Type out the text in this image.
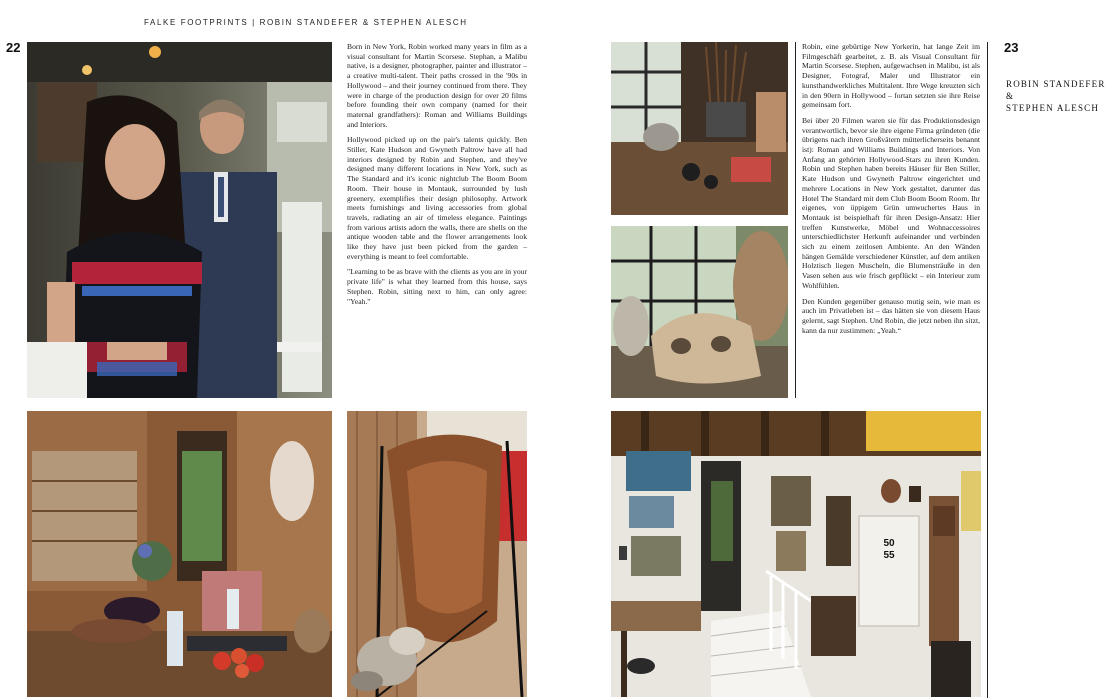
FALKE FOOTPRINTS | ROBIN STANDEFER & STEPHEN ALESCH
22	23
ROBIN STANDEFER &
STEPHEN ALESCH

Born in New York, Robin worked many years in film as a visual consultant for Martin Scorsese. Stephan, a Malibu native, is a designer, photographer, painter and illustrator – a creative multi-talent. Their paths crossed in the '90s in Hollywood – and their journey continued from there. They were in charge of the production design for over 20 films before founding their own company (named for their maternal grandfathers): Roman and Williams Buildings and Interiors.

Hollywood picked up on the pair's talents quickly. Ben Stiller, Kate Hudson and Gwyneth Paltrow have all had interiors designed by Robin and Stephen, and they've designed many different locations in New York, such as The Standard and it's iconic nightclub The Boom Boom Room. Their house in Montauk, surrounded by lush greenery, exemplifies their design philosophy. Artwork meets furnishings and living accessories from global travels, radiating an air of timeless elegance. Paintings from various artists adorn the walls, there are shells on the antique wooden table and the flower arrangements look like they have just been picked from the garden – everything is meant to feel comfortable.

"Learning to be as brave with the clients as you are in your private life" is what they learned from this house, says Stephen. Robin, sitting next to him, can only agree: "Yeah."

Robin, eine gebürtige New Yorkerin, hat lange Zeit im Filmgeschäft gearbeitet, z. B. als Visual Consultant für Martin Scorsese. Stephen, aufgewachsen in Malibu, ist als Designer, Fotograf, Maler und Illustrator ein kunsthandwerkliches Multitalent. Ihre Wege kreuzten sich in den 90ern in Hollywood – fortan setzten sie ihre Reise gemeinsam fort.

Bei über 20 Filmen waren sie für das Produktionsdesign verantwortlich, bevor sie ihre eigene Firma gründeten (die übrigens nach ihren Großvätern mütterlicherseits benannt ist): Roman and Williams Buildings and Interiors. Von Anfang an gehörten Hollywood-Stars zu ihren Kunden. Robin und Stephen haben bereits Häuser für Ben Stiller, Kate Hudson und Gwyneth Paltrow eingerichtet und mehrere Locations in New York gestaltet, darunter das Hotel The Standard mit dem Club Boom Boom Room. Ihr eigenes, von üppigem Grün umwuchertes Haus in Montauk ist beispielhaft für ihren Design-Ansatz: Hier treffen Kunstwerke, Möbel und Wohnaccessoires unterschiedlichster Herkunft aufeinander und verbinden sich zu einem zeitlosen Ambiente. An den Wänden hängen Gemälde verschiedener Künstler, auf dem antiken Holztisch liegen Muscheln, die Blumensträuße in den Vasen sehen aus wie frisch gepflückt – ein Interieur zum Wohlfühlen.

Den Kunden gegenüber genauso mutig sein, wie man es auch im Privatleben ist – das hätten sie von diesem Haus gelernt, sagt Stephen. Und Robin, die jetzt neben ihn sitzt, kann da nur zustimmen: „Yeah.“

50
55
